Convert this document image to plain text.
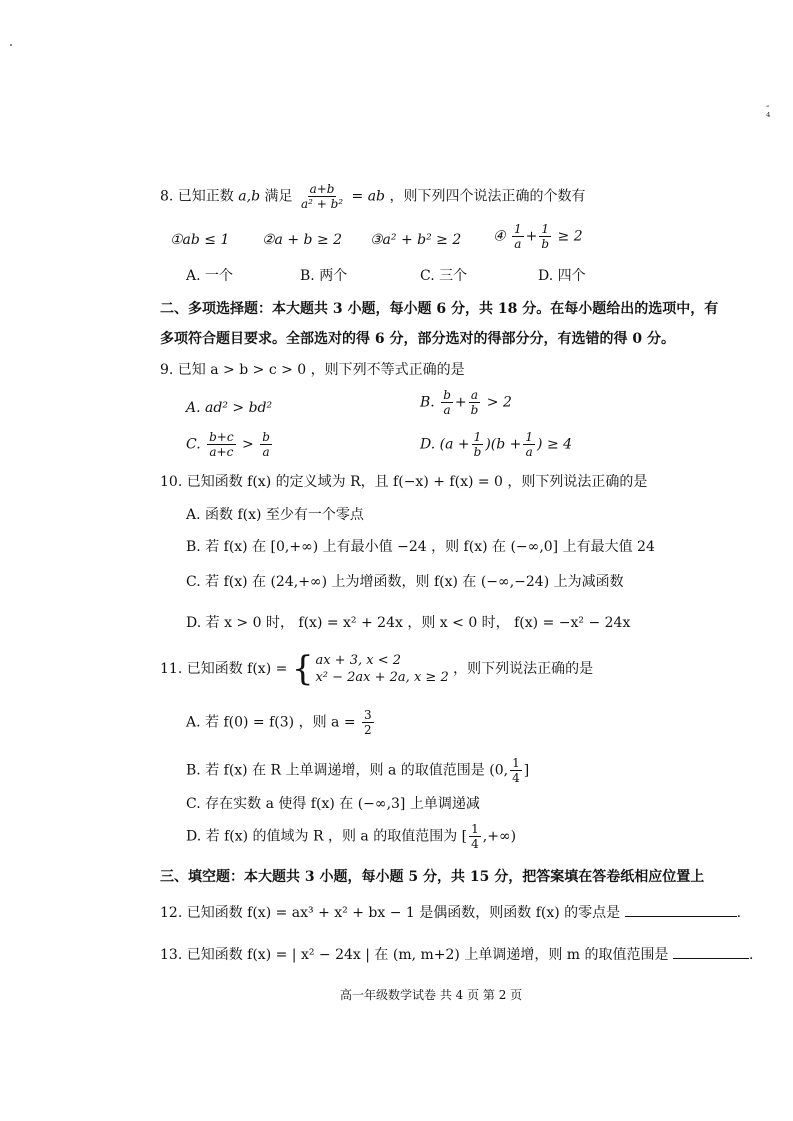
˗
⁴
8. 已知正数 a,b 满足 $\frac{a+b}{\text{a² + b²}}$ = ab ，则下列四个说法正确的个数有
①ab ≤ 1 ②a + b ≥ 2 ③a² + b² ≥ 2 ④ $\frac{1}{a} + \frac{1}{b} \ge 2$
A. 一个	B. 两个	C. 三个	D. 四个
二、多项选择题：本大题共 3 小题，每小题 6 分，共 18 分。在每小题给出的选项中，有
多项符合题目要求。全部选对的得 6 分，部分选对的得部分分，有选错的得 0 分。
9. 已知 a > b > c > 0 ，则下列不等式正确的是
A. ad² > bd²	B. $\frac{b}{a} + \frac{a}{b} > 2$
C. $\frac{b+c}{a+c} > \frac{b}{a}$	D. $(a + \frac{1}{b} )(b + \frac{1}{a}$ ) ≥ 4
10. 已知函数 f(x) 的定义域为 R，且 f(−x) + f(x) = 0 ，则下列说法正确的是
A. 函数 f(x) 至少有一个零点
B. 若 f(x) 在 [0,+∞) 上有最小值 −24 ，则 f(x) 在 (−∞,0] 上有最大值 24
C. 若 f(x) 在 (24,+∞) 上为增函数，则 f(x) 在 (−∞,−24) 上为减函数
D. 若 x > 0 时， f(x) = x² + 24x ，则 x < 0 时， f(x) = −x² − 24x
11. 已知函数 f(x) = { ax + 3, x < 2
x² − 2ax + 2a, x ≥ 2
，则下列说法正确的是
A. 若 f(0) = f(3) ，则 $a = \frac{3}{2}$
B. 若 f(x) 在 R 上单调递增，则 a 的取值范围是 (0, $\frac{1}{4}$ ]
C. 存在实数 a 使得 f(x) 在 (−∞,3] 上单调递减
D. 若 f(x) 的值域为 R ，则 a 的取值范围为 [ $\frac{1}{4}$ ,+∞)
三、填空题：本大题共 3 小题，每小题 5 分，共 15 分，把答案填在答卷纸相应位置上
12. 已知函数 f(x) = ax³ + x² + bx − 1 是偶函数，则函数 f(x) 的零点是	.
13. 已知函数 f(x) = | x² − 24x | 在 (m, m+2) 上单调递增，则 m 的取值范围是	.
高一年级数学试卷 共 4 页 第 2 页
